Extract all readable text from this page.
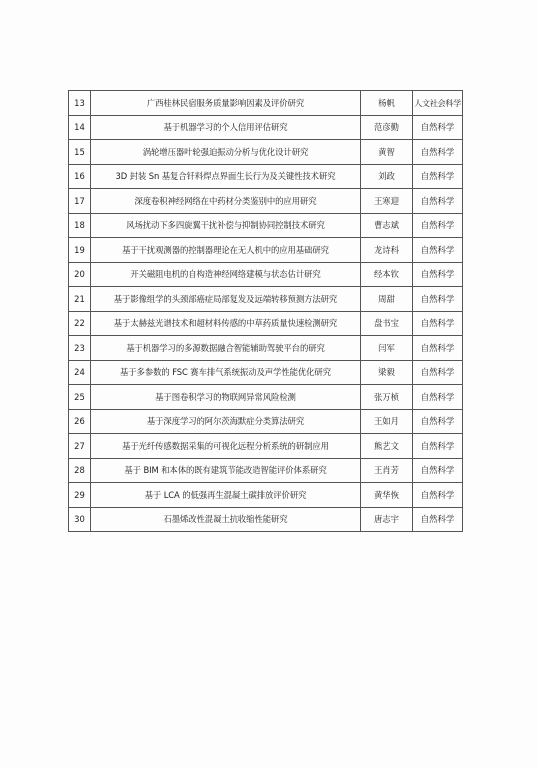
13	广西桂林民宿服务质量影响因素及评价研究	杨帆	人文社会科学
14	基于机器学习的个人信用评估研究	范彦勤	自然科学
15	涡轮增压器叶轮强迫振动分析与优化设计研究	黄智	自然科学
16	3D 封装 Sn 基复合钎料焊点界面生长行为及关键性技术研究	刘政	自然科学
17	深度卷积神经网络在中药材分类鉴别中的应用研究	王寒迎	自然科学
18	风场扰动下多四旋翼干扰补偿与抑制协同控制技术研究	曹志斌	自然科学
19	基于干扰观测器的控制器理论在无人机中的应用基础研究	龙诗科	自然科学
20	开关磁阻电机的自构造神经网络建模与状态估计研究	经本钦	自然科学
21	基于影像组学的头颈部癌症局部复发及远端转移预测方法研究	周甜	自然科学
22	基于太赫兹光谱技术和超材料传感的中草药质量快速检测研究	盘书宝	自然科学
23	基于机器学习的多源数据融合智能辅助驾驶平台的研究	闫军	自然科学
24	基于多参数的 FSC 赛车排气系统振动及声学性能优化研究	梁毅	自然科学
25	基于图卷积学习的物联网异常风险检测	张万桢	自然科学
26	基于深度学习的阿尔茨海默症分类算法研究	王如月	自然科学
27	基于光纤传感数据采集的可视化远程分析系统的研制应用	熊艺文	自然科学
28	基于 BIM 和本体的既有建筑节能改造智能评价体系研究	王肖芳	自然科学
29	基于 LCA 的低强再生混凝土碳排放评价研究	黄华恢	自然科学
30	石墨烯改性混凝土抗收缩性能研究	唐志宇	自然科学
